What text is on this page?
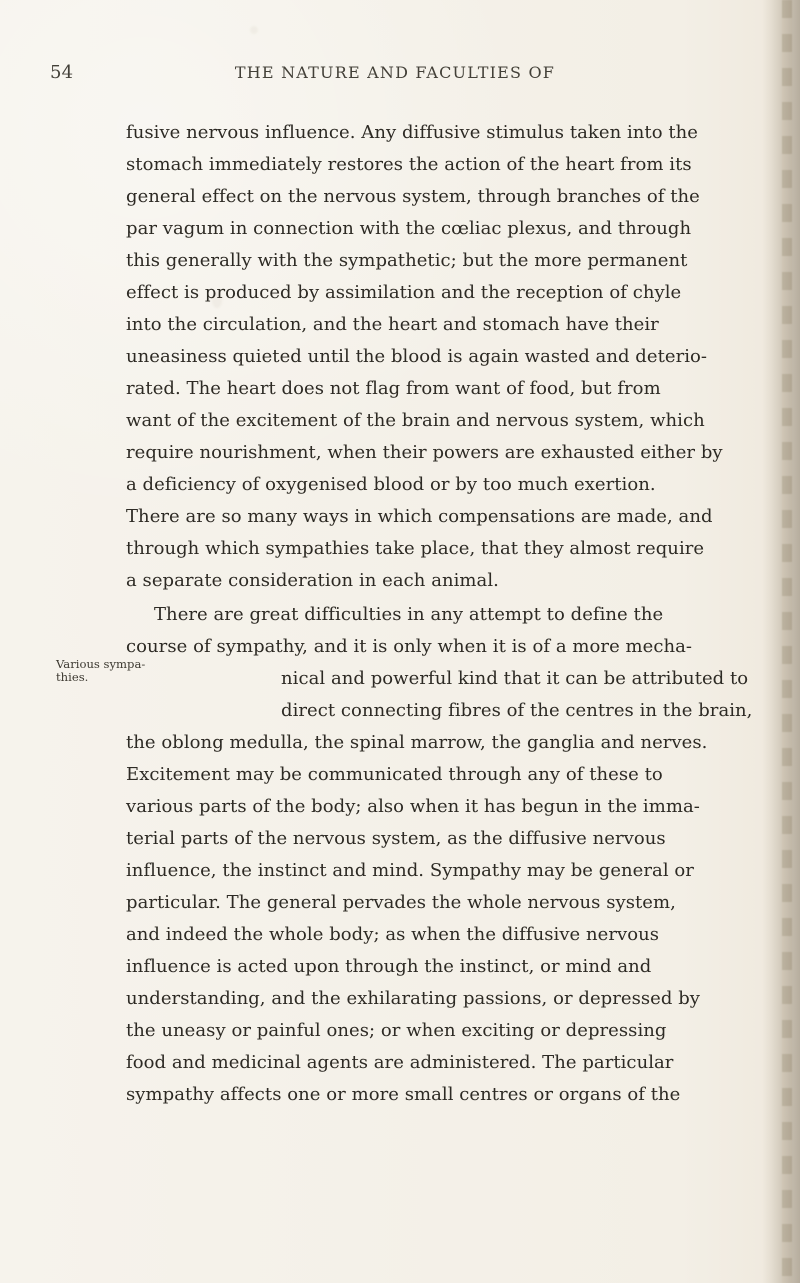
54	THE NATURE AND FACULTIES OF
Various sympa-
thies.
fusive nervous influence. Any diffusive stimulus taken into the
stomach immediately restores the action of the heart from its
general effect on the nervous system, through branches of the
par vagum in connection with the cœliac plexus, and through
this generally with the sympathetic; but the more permanent
effect is produced by assimilation and the reception of chyle
into the circulation, and the heart and stomach have their
uneasiness quieted until the blood is again wasted and deterio-
rated. The heart does not flag from want of food, but from
want of the excitement of the brain and nervous system, which
require nourishment, when their powers are exhausted either by
a deficiency of oxygenised blood or by too much exertion.
There are so many ways in which compensations are made, and
through which sympathies take place, that they almost require
a separate consideration in each animal.
There are great difficulties in any attempt to define the
course of sympathy, and it is only when it is of a more mecha-
nical and powerful kind that it can be attributed to
direct connecting fibres of the centres in the brain,
the oblong medulla, the spinal marrow, the ganglia and nerves.
Excitement may be communicated through any of these to
various parts of the body; also when it has begun in the imma-
terial parts of the nervous system, as the diffusive nervous
influence, the instinct and mind. Sympathy may be general or
particular. The general pervades the whole nervous system,
and indeed the whole body; as when the diffusive nervous
influence is acted upon through the instinct, or mind and
understanding, and the exhilarating passions, or depressed by
the uneasy or painful ones; or when exciting or depressing
food and medicinal agents are administered. The particular
sympathy affects one or more small centres or organs of the
